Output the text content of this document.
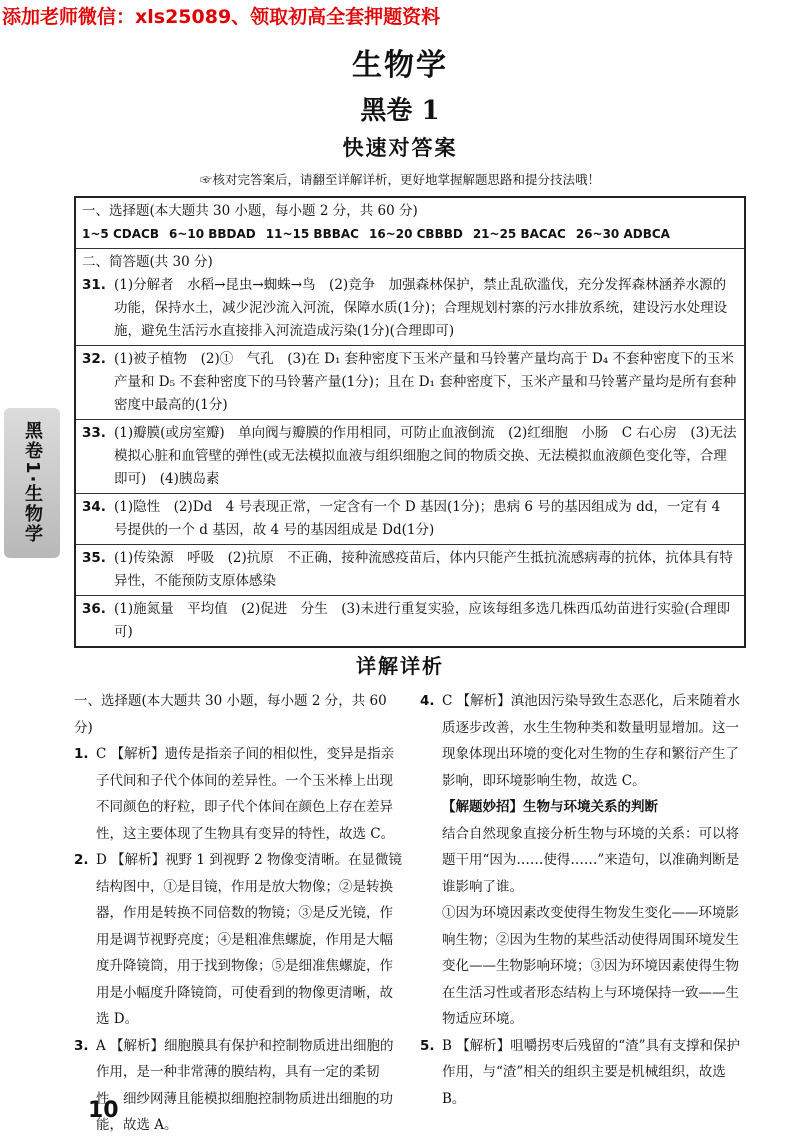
添加老师微信：xls25089、领取初高全套押题资料
生物学
黑卷 1
快速对答案
☞核对完答案后，请翻至详解详析，更好地掌握解题思路和提分技法哦！
黑卷1·生物学
一、选择题(本大题共 30 小题，每小题 2 分，共 60 分)
1~5 CDACB 6~10 BBDAD 11~15 BBBAC 16~20 CBBBD 21~25 BACAC 26~30 ADBCA
二、简答题(共 30 分)
31. (1)分解者　水稻→昆虫→蜘蛛→鸟　(2)竞争　加强森林保护，禁止乱砍滥伐，充分发挥森林涵养水源的功能，保持水土，减少泥沙流入河流，保障水质(1分)；合理规划村寨的污水排放系统，建设污水处理设施，避免生活污水直接排入河流造成污染(1分)(合理即可)
32. (1)被子植物　(2)①　气孔　(3)在 D₁ 套种密度下玉米产量和马铃薯产量均高于 D₄ 不套种密度下的玉米产量和 D₅ 不套种密度下的马铃薯产量(1分)；且在 D₁ 套种密度下，玉米产量和马铃薯产量均是所有套种密度中最高的(1分)
33. (1)瓣膜(或房室瓣)　单向阀与瓣膜的作用相同，可防止血液倒流　(2)红细胞　小肠　C 右心房　(3)无法模拟心脏和血管壁的弹性(或无法模拟血液与组织细胞之间的物质交换、无法模拟血液颜色变化等，合理即可)　(4)胰岛素
34. (1)隐性　(2)Dd　4 号表现正常，一定含有一个 D 基因(1分)；患病 6 号的基因组成为 dd，一定有 4 号提供的一个 d 基因，故 4 号的基因组成是 Dd(1分)
35. (1)传染源　呼吸　(2)抗原　不正确，接种流感疫苗后，体内只能产生抵抗流感病毒的抗体，抗体具有特异性，不能预防支原体感染
36. (1)施氮量　平均值　(2)促进　分生　(3)未进行重复实验，应该每组多选几株西瓜幼苗进行实验(合理即可)
详解详析

一、选择题(本大题共 30 小题，每小题 2 分，共 60 分)

1. C 【解析】遗传是指亲子间的相似性，变异是指亲子代间和子代个体间的差异性。一个玉米棒上出现不同颜色的籽粒，即子代个体间在颜色上存在差异性，这主要体现了生物具有变异的特性，故选 C。
2. D 【解析】视野 1 到视野 2 物像变清晰。在显微镜结构图中，①是目镜，作用是放大物像；②是转换器，作用是转换不同倍数的物镜；③是反光镜，作用是调节视野亮度；④是粗准焦螺旋，作用是大幅度升降镜筒，用于找到物像；⑤是细准焦螺旋，作用是小幅度升降镜筒，可使看到的物像更清晰，故选 D。
3. A 【解析】细胞膜具有保护和控制物质进出细胞的作用，是一种非常薄的膜结构，具有一定的柔韧性。细纱网薄且能模拟细胞控制物质进出细胞的功能，故选 A。
4. C 【解析】滇池因污染导致生态恶化，后来随着水质逐步改善，水生生物种类和数量明显增加。这一现象体现出环境的变化对生物的生存和繁衍产生了影响，即环境影响生物，故选 C。

【解题妙招】生物与环境关系的判断

结合自然现象直接分析生物与环境的关系：可以将题干用“因为……使得……”来造句，以准确判断是谁影响了谁。

①因为环境因素改变使得生物发生变化——环境影响生物；②因为生物的某些活动使得周围环境发生变化——生物影响环境；③因为环境因素使得生物在生活习性或者形态结构上与环境保持一致——生物适应环境。

5. B 【解析】咀嚼拐枣后残留的“渣”具有支撑和保护作用，与“渣”相关的组织主要是机械组织，故选 B。
10
